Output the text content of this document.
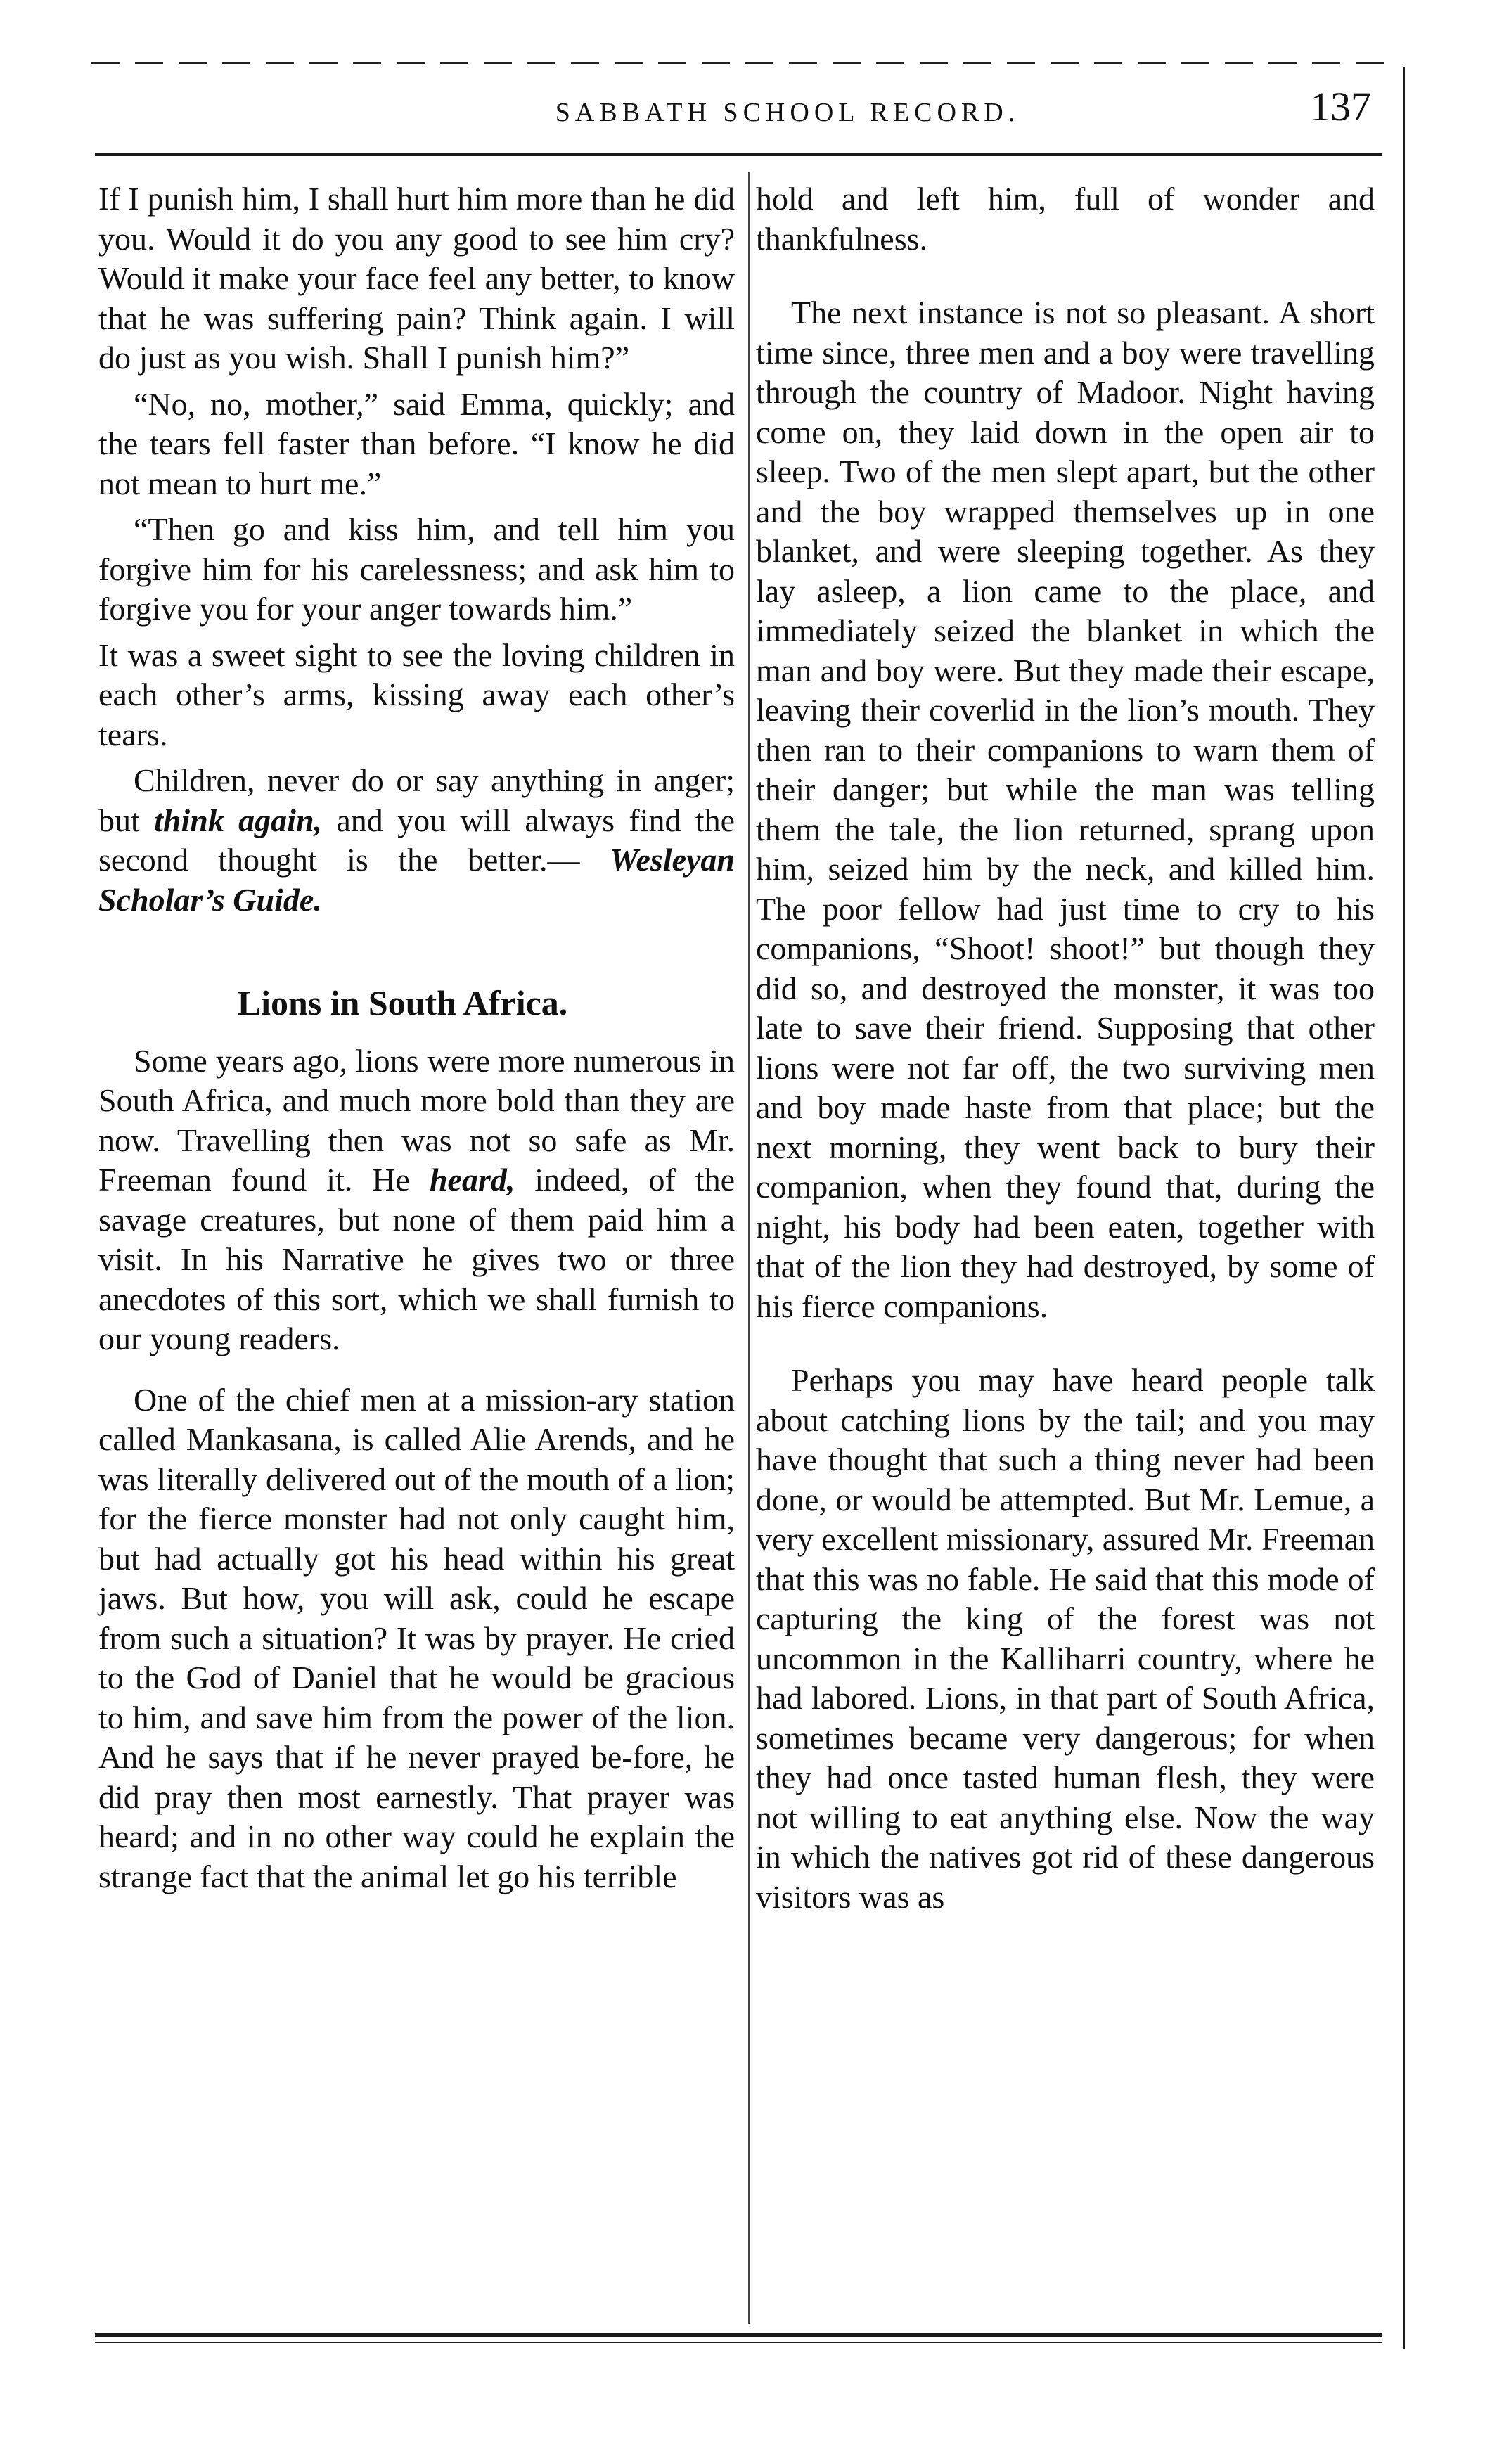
SABBATH SCHOOL RECORD.	137

If I punish him, I shall hurt him more than he did you. Would it do you any good to see him cry? Would it make your face feel any better, to know that he was suffering pain? Think again. I will do just as you wish. Shall I punish him?”

“No, no, mother,” said Emma, quickly; and the tears fell faster than before. “I know he did not mean to hurt me.”

“Then go and kiss him, and tell him you forgive him for his carelessness; and ask him to forgive you for your anger towards him.”

It was a sweet sight to see the loving children in each other’s arms, kissing away each other’s tears.

Children, never do or say anything in anger; but think again, and you will always find the second thought is the better.— Wesleyan Scholar’s Guide.

Lions in South Africa.

Some years ago, lions were more numerous in South Africa, and much more bold than they are now. Travelling then was not so safe as Mr. Freeman found it. He heard, indeed, of the savage creatures, but none of them paid him a visit. In his Narrative he gives two or three anecdotes of this sort, which we shall furnish to our young readers.

One of the chief men at a mission-ary station called Mankasana, is called Alie Arends, and he was literally delivered out of the mouth of a lion; for the fierce monster had not only caught him, but had actually got his head within his great jaws. But how, you will ask, could he escape from such a situation? It was by prayer. He cried to the God of Daniel that he would be gracious to him, and save him from the power of the lion. And he says that if he never prayed be-fore, he did pray then most earnestly. That prayer was heard; and in no other way could he explain the strange fact that the animal let go his terrible

hold and left him, full of wonder and thankfulness.

The next instance is not so pleasant. A short time since, three men and a boy were travelling through the country of Madoor. Night having come on, they laid down in the open air to sleep. Two of the men slept apart, but the other and the boy wrapped themselves up in one blanket, and were sleeping together. As they lay asleep, a lion came to the place, and immediately seized the blanket in which the man and boy were. But they made their escape, leaving their coverlid in the lion’s mouth. They then ran to their companions to warn them of their danger; but while the man was telling them the tale, the lion returned, sprang upon him, seized him by the neck, and killed him. The poor fellow had just time to cry to his companions, “Shoot! shoot!” but though they did so, and destroyed the monster, it was too late to save their friend. Supposing that other lions were not far off, the two surviving men and boy made haste from that place; but the next morning, they went back to bury their companion, when they found that, during the night, his body had been eaten, together with that of the lion they had destroyed, by some of his fierce companions.

Perhaps you may have heard people talk about catching lions by the tail; and you may have thought that such a thing never had been done, or would be attempted. But Mr. Lemue, a very excellent missionary, assured Mr. Freeman that this was no fable. He said that this mode of capturing the king of the forest was not uncommon in the Kalliharri country, where he had labored. Lions, in that part of South Africa, sometimes became very dangerous; for when they had once tasted human flesh, they were not willing to eat anything else. Now the way in which the natives got rid of these dangerous visitors was as
